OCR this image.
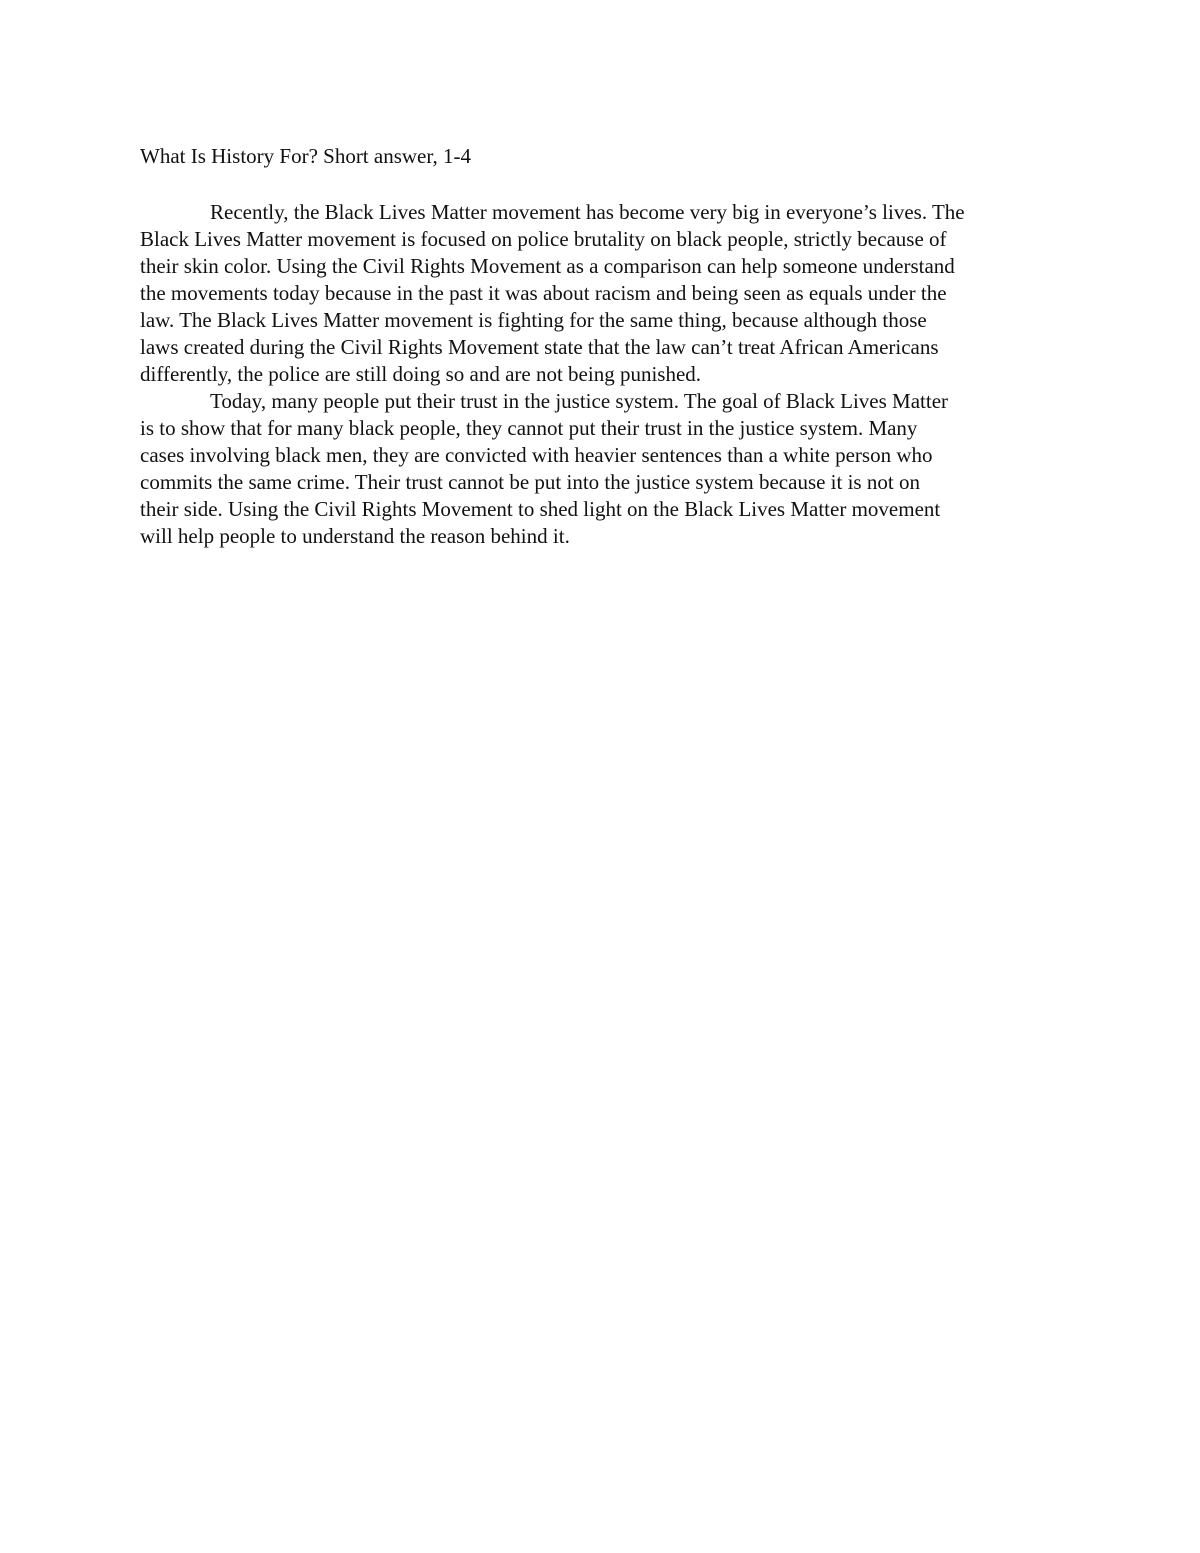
What Is History For? Short answer, 1-4

Recently, the Black Lives Matter movement has become very big in everyone’s lives. The
Black Lives Matter movement is focused on police brutality on black people, strictly because of
their skin color. Using the Civil Rights Movement as a comparison can help someone understand
the movements today because in the past it was about racism and being seen as equals under the
law. The Black Lives Matter movement is fighting for the same thing, because although those
laws created during the Civil Rights Movement state that the law can’t treat African Americans
differently, the police are still doing so and are not being punished.

Today, many people put their trust in the justice system. The goal of Black Lives Matter
is to show that for many black people, they cannot put their trust in the justice system. Many
cases involving black men, they are convicted with heavier sentences than a white person who
commits the same crime. Their trust cannot be put into the justice system because it is not on
their side. Using the Civil Rights Movement to shed light on the Black Lives Matter movement
will help people to understand the reason behind it.
